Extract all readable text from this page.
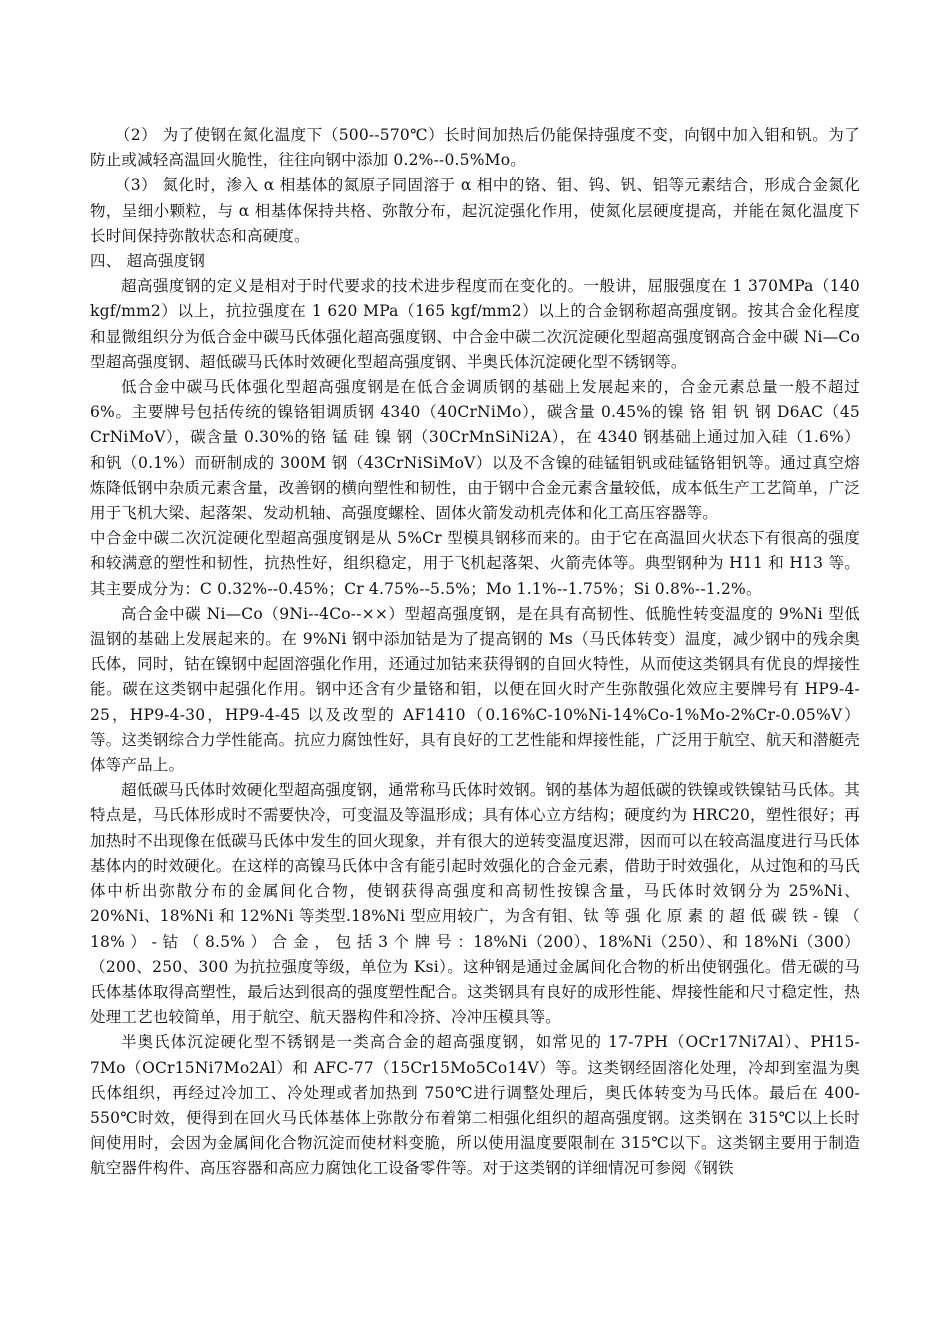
（2） 为了使钢在氮化温度下（500--570℃）长时间加热后仍能保持强度不变，向钢中加入钼和钒。为了防止或减轻高温回火脆性，往往向钢中添加 0.2%--0.5%Mo。

（3） 氮化时，渗入 α 相基体的氮原子同固溶于 α 相中的铬、钼、钨、钒、铝等元素结合，形成合金氮化物，呈细小颗粒，与 α 相基体保持共格、弥散分布，起沉淀强化作用，使氮化层硬度提高，并能在氮化温度下长时间保持弥散状态和高硬度。

四、 超高强度钢

超高强度钢的定义是相对于时代要求的技术进步程度而在变化的。一般讲，屈服强度在 1 370MPa（140 kgf/mm2）以上，抗拉强度在 1 620 MPa（165 kgf/mm2）以上的合金钢称超高强度钢。按其合金化程度和显微组织分为低合金中碳马氏体强化超高强度钢、中合金中碳二次沉淀硬化型超高强度钢高合金中碳 Ni—Co 型超高强度钢、超低碳马氏体时效硬化型超高强度钢、半奥氏体沉淀硬化型不锈钢等。

低合金中碳马氏体强化型超高强度钢是在低合金调质钢的基础上发展起来的，合金元素总量一般不超过 6%。主要牌号包括传统的镍铬钼调质钢 4340（40CrNiMo），碳含量 0.45%的镍 铬 钼 钒 钢 D6AC（45 CrNiMoV），碳含量 0.30%的铬 锰 硅 镍 钢（30CrMnSiNi2A），在 4340 钢基础上通过加入硅（1.6%）和钒（0.1%）而研制成的 300M 钢（43CrNiSiMoV）以及不含镍的硅锰钼钒或硅锰铬钼钒等。通过真空熔炼降低钢中杂质元素含量，改善钢的横向塑性和韧性，由于钢中合金元素含量较低，成本低生产工艺简单，广泛用于飞机大梁、起落架、发动机轴、高强度螺栓、固体火箭发动机壳体和化工高压容器等。

中合金中碳二次沉淀硬化型超高强度钢是从 5%Cr 型模具钢移而来的。由于它在高温回火状态下有很高的强度和较满意的塑性和韧性，抗热性好，组织稳定，用于飞机起落架、火箭壳体等。典型钢种为 H11 和 H13 等。其主要成分为：C 0.32%--0.45%；Cr 4.75%--5.5%；Mo 1.1%--1.75%；Si 0.8%--1.2%。

高合金中碳 Ni—Co（9Ni--4Co--××）型超高强度钢，是在具有高韧性、低脆性转变温度的 9%Ni 型低温钢的基础上发展起来的。在 9%Ni 钢中添加钴是为了提高钢的 Ms（马氏体转变）温度，减少钢中的残余奥氏体，同时，钴在镍钢中起固溶强化作用，还通过加钴来获得钢的自回火特性，从而使这类钢具有优良的焊接性能。碳在这类钢中起强化作用。钢中还含有少量铬和钼，以便在回火时产生弥散强化效应主要牌号有 HP9-4-25，HP9-4-30，HP9-4-45 以及改型的 AF1410（0.16%C-10%Ni-14%Co-1%Mo-2%Cr-0.05%V）等。这类钢综合力学性能高。抗应力腐蚀性好，具有良好的工艺性能和焊接性能，广泛用于航空、航天和潜艇壳体等产品上。

超低碳马氏体时效硬化型超高强度钢，通常称马氏体时效钢。钢的基体为超低碳的铁镍或铁镍钴马氏体。其特点是，马氏体形成时不需要快冷，可变温及等温形成；具有体心立方结构；硬度约为 HRC20，塑性很好；再加热时不出现像在低碳马氏体中发生的回火现象，并有很大的逆转变温度迟滞，因而可以在较高温度进行马氏体基体内的时效硬化。在这样的高镍马氏体中含有能引起时效强化的合金元素，借助于时效强化，从过饱和的马氏体中析出弥散分布的金属间化合物，使钢获得高强度和高韧性按镍含量，马氏体时效钢分为 25%Ni、20%Ni、18%Ni 和 12%Ni 等类型.18%Ni 型应用较广，为含有钼、钛 等 强 化 原 素 的 超 低 碳 铁 - 镍 （ 18% ） - 钴 （ 8.5% ） 合 金 ， 包 括 3 个 牌 号 ：18%Ni（200）、18%Ni（250）、和 18%Ni（300）（200、250、300 为抗拉强度等级，单位为 Ksi）。这种钢是通过金属间化合物的析出使钢强化。借无碳的马氏体基体取得高塑性，最后达到很高的强度塑性配合。这类钢具有良好的成形性能、焊接性能和尺寸稳定性，热处理工艺也较简单，用于航空、航天器构件和冷挤、冷冲压模具等。

半奥氏体沉淀硬化型不锈钢是一类高合金的超高强度钢，如常见的 17-7PH（OCr17Ni7Al）、PH15-7Mo（OCr15Ni7Mo2Al）和 AFC-77（15Cr15Mo5Co14V）等。这类钢经固溶化处理，冷却到室温为奥氏体组织，再经过冷加工、冷处理或者加热到 750℃进行调整处理后，奥氏体转变为马氏体。最后在 400-550℃时效，便得到在回火马氏体基体上弥散分布着第二相强化组织的超高强度钢。这类钢在 315℃以上长时间使用时，会因为金属间化合物沉淀而使材料变脆，所以使用温度要限制在 315℃以下。这类钢主要用于制造航空器件构件、高压容器和高应力腐蚀化工设备零件等。对于这类钢的详细情况可参阅《钢铁
